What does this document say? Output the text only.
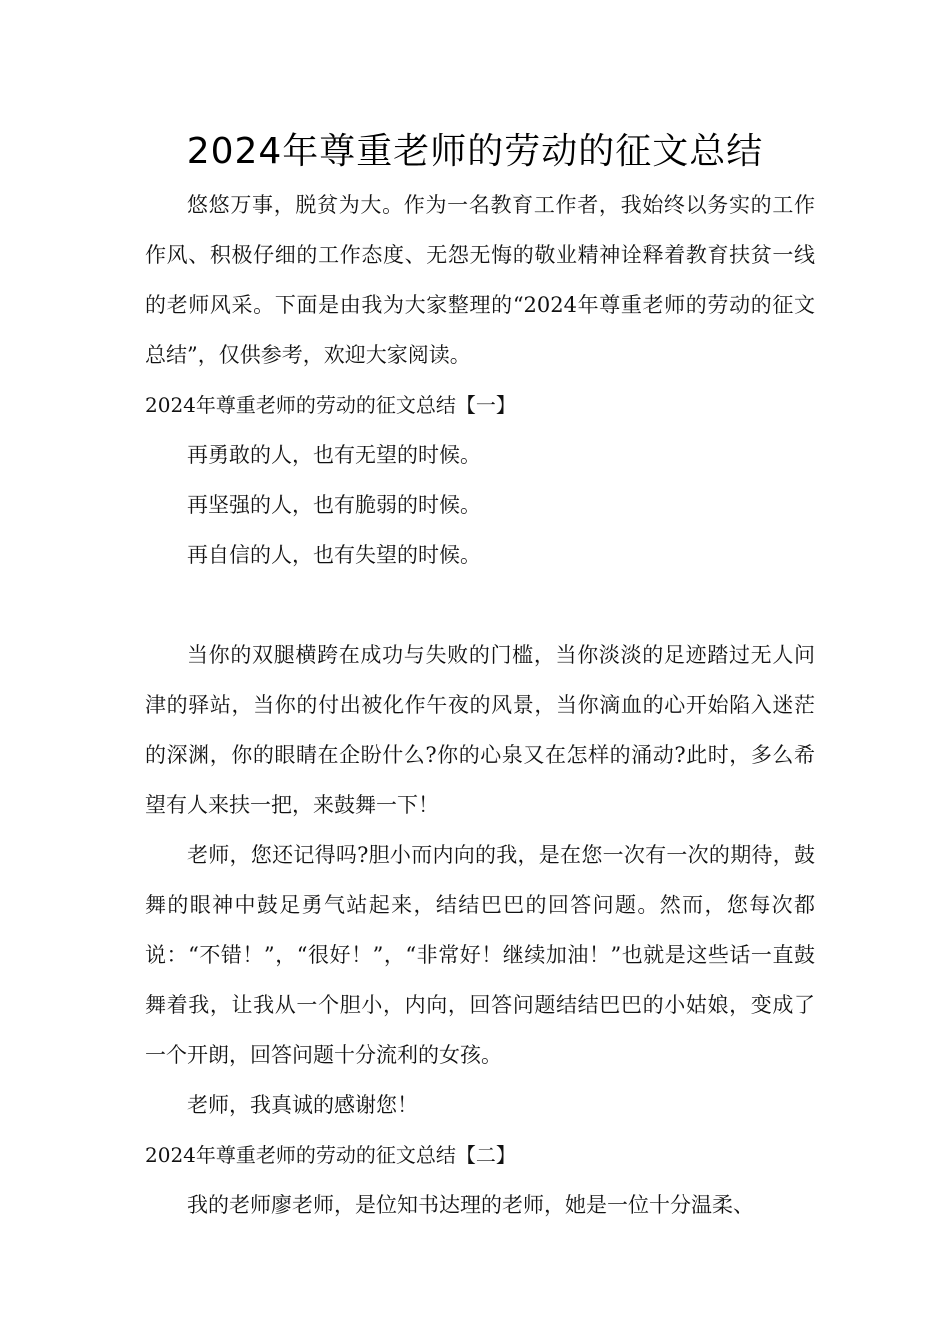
2024年尊重老师的劳动的征文总结

悠悠万事，脱贫为大。作为一名教育工作者，我始终以务实的工作作风、积极仔细的工作态度、无怨无悔的敬业精神诠释着教育扶贫一线的老师风采。下面是由我为大家整理的“2024年尊重老师的劳动的征文总结”，仅供参考，欢迎大家阅读。

2024年尊重老师的劳动的征文总结【一】

再勇敢的人，也有无望的时候。

再坚强的人，也有脆弱的时候。

再自信的人，也有失望的时候。

当你的双腿横跨在成功与失败的门槛，当你淡淡的足迹踏过无人问津的驿站，当你的付出被化作午夜的风景，当你滴血的心开始陷入迷茫的深渊，你的眼睛在企盼什么?你的心泉又在怎样的涌动?此时，多么希望有人来扶一把，来鼓舞一下！

老师，您还记得吗?胆小而内向的我，是在您一次有一次的期待，鼓舞的眼神中鼓足勇气站起来，结结巴巴的回答问题。然而，您每次都说：“不错！”，“很好！”，“非常好！继续加油！”也就是这些话一直鼓舞着我，让我从一个胆小，内向，回答问题结结巴巴的小姑娘，变成了一个开朗，回答问题十分流利的女孩。

老师，我真诚的感谢您！

2024年尊重老师的劳动的征文总结【二】

我的老师廖老师，是位知书达理的老师，她是一位十分温柔、
